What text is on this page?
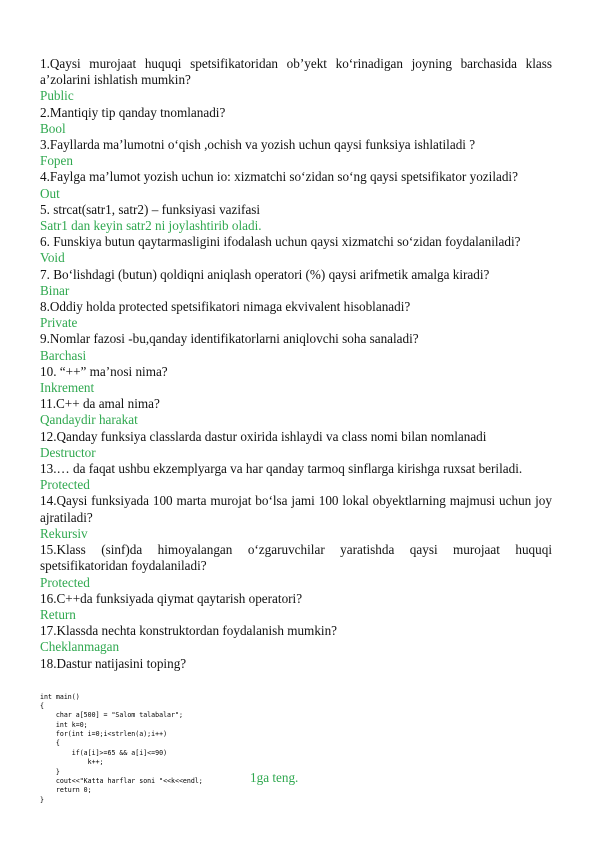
1.Qaysi murojaat huquqi spetsifikatoridan ob’yekt ko‘rinadigan joyning barchasida klass a’zolarini ishlatish mumkin?

Public

2.Mantiqiy tip qanday tnomlanadi?

Bool

3.Fayllarda ma’lumotni o‘qish ,ochish va yozish uchun qaysi funksiya ishlatiladi ?

Fopen

4.Faylga ma’lumot yozish uchun io: xizmatchi so‘zidan so‘ng qaysi spetsifikator yoziladi?

Out

5. strcat(satr1, satr2) – funksiyasi vazifasi

Satr1 dan keyin satr2 ni joylashtirib oladi.

6. Funskiya butun qaytarmasligini ifodalash uchun qaysi xizmatchi so‘zidan foydalaniladi?

Void

7. Bo‘lishdagi (butun) qoldiqni aniqlash operatori (%) qaysi arifmetik amalga kiradi?

Binar

8.Oddiy holda protected spetsifikatori nimaga ekvivalent hisoblanadi?

Private

9.Nomlar fazosi -bu,qanday identifikatorlarni aniqlovchi soha sanaladi?

Barchasi

10. “++” ma’nosi nima?

Inkrement

11.C++ da amal nima?

Qandaydir harakat

12.Qanday funksiya classlarda dastur oxirida ishlaydi va class nomi bilan nomlanadi

Destructor

13.… da faqat ushbu ekzemplyarga va har qanday tarmoq sinflarga kirishga ruxsat beriladi.

Protected

14.Qaysi funksiyada 100 marta murojat bo‘lsa jami 100 lokal obyektlarning majmusi uchun joy ajratiladi?

Rekursiv

15.Klass (sinf)da himoyalangan o‘zgaruvchilar yaratishda qaysi murojaat huquqi spetsifikatoridan foydalaniladi?

Protected

16.C++da funksiyada qiymat qaytarish operatori?

Return

17.Klassda nechta konstruktordan foydalanish mumkin?

Cheklanmagan

18.Dastur natijasini toping?

int main()
{
char a[500] = "Salom talabalar";
int k=0;
for(int i=0;i<strlen(a);i++)
{
if(a[i]>=65 && a[i]<=90)
k++;
}
cout<<"Katta harflar soni "<<k<<endl;
return 0;
}
1ga teng.
